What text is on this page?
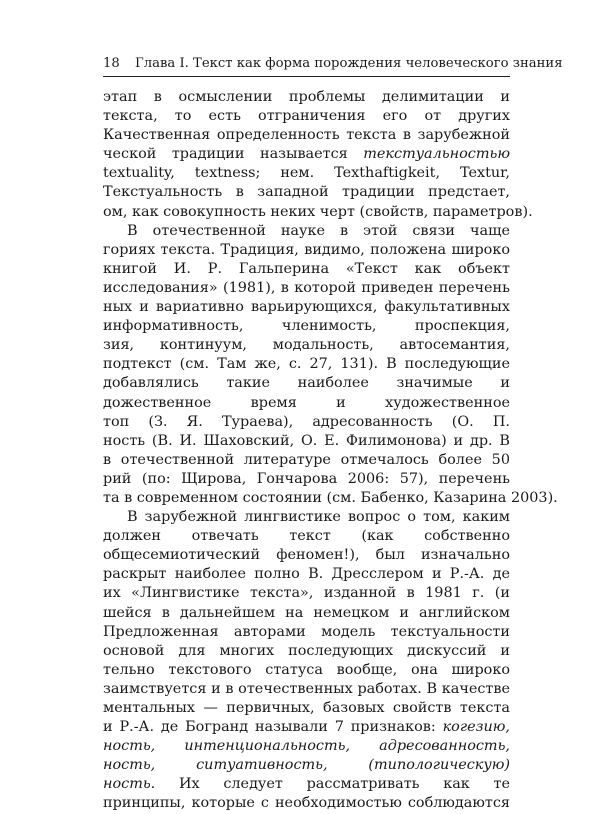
18 Глава I. Текст как форма порождения человеческого знания
этап в осмыслении проблемы делимитации и
текста, то есть отграничения его от других
Качественная определенность текста в зарубежной
ческой традиции называется текстуальностью
textuality, textness; нем. Texthaftigkeit, Textur,
Текстуальность в западной традиции предстает,
ом, как совокупность неких черт (свойств, параметров).
В отечественной науке в этой связи чаще
гориях текста. Традиция, видимо, положена широко
книгой И. Р. Гальперина «Текст как объект
исследования» (1981), в которой приведен перечень
ных и вариативно варьирующихся, факультативных
информативность, членимость, проспекция,
зия, континуум, модальность, автосемантия,
подтекст (см. Там же, с. 27, 131). В последующие
добавлялись такие наиболее значимые и
дожественное время и художественное
топ (З. Я. Тураева), адресованность (О. П.
ность (В. И. Шаховский, О. Е. Филимонова) и др. В
в отечественной литературе отмечалось более 50
рий (по: Щирова, Гончарова 2006: 57), перечень
та в современном состоянии (см. Бабенко, Казарина 2003).
В зарубежной лингвистике вопрос о том, каким
должен отвечать текст (как собственно
общесемиотический феномен!), был изначально
раскрыт наиболее полно В. Дресслером и Р.-А. де
их «Лингвистике текста», изданной в 1981 г. (и
шейся в дальнейшем на немецком и английском
Предложенная авторами модель текстуальности
основой для многих последующих дискуссий и
тельно текстового статуса вообще, она широко
заимствуется и в отечественных работах. В качестве
ментальных — первичных, базовых свойств текста
и Р.-А. де Богранд называли 7 признаков: когезию,
ность, интенциональность, адресованность,
ность, ситуативность, (типологическую)
ность. Их следует рассматривать как те
принципы, которые с необходимостью соблюдаются
